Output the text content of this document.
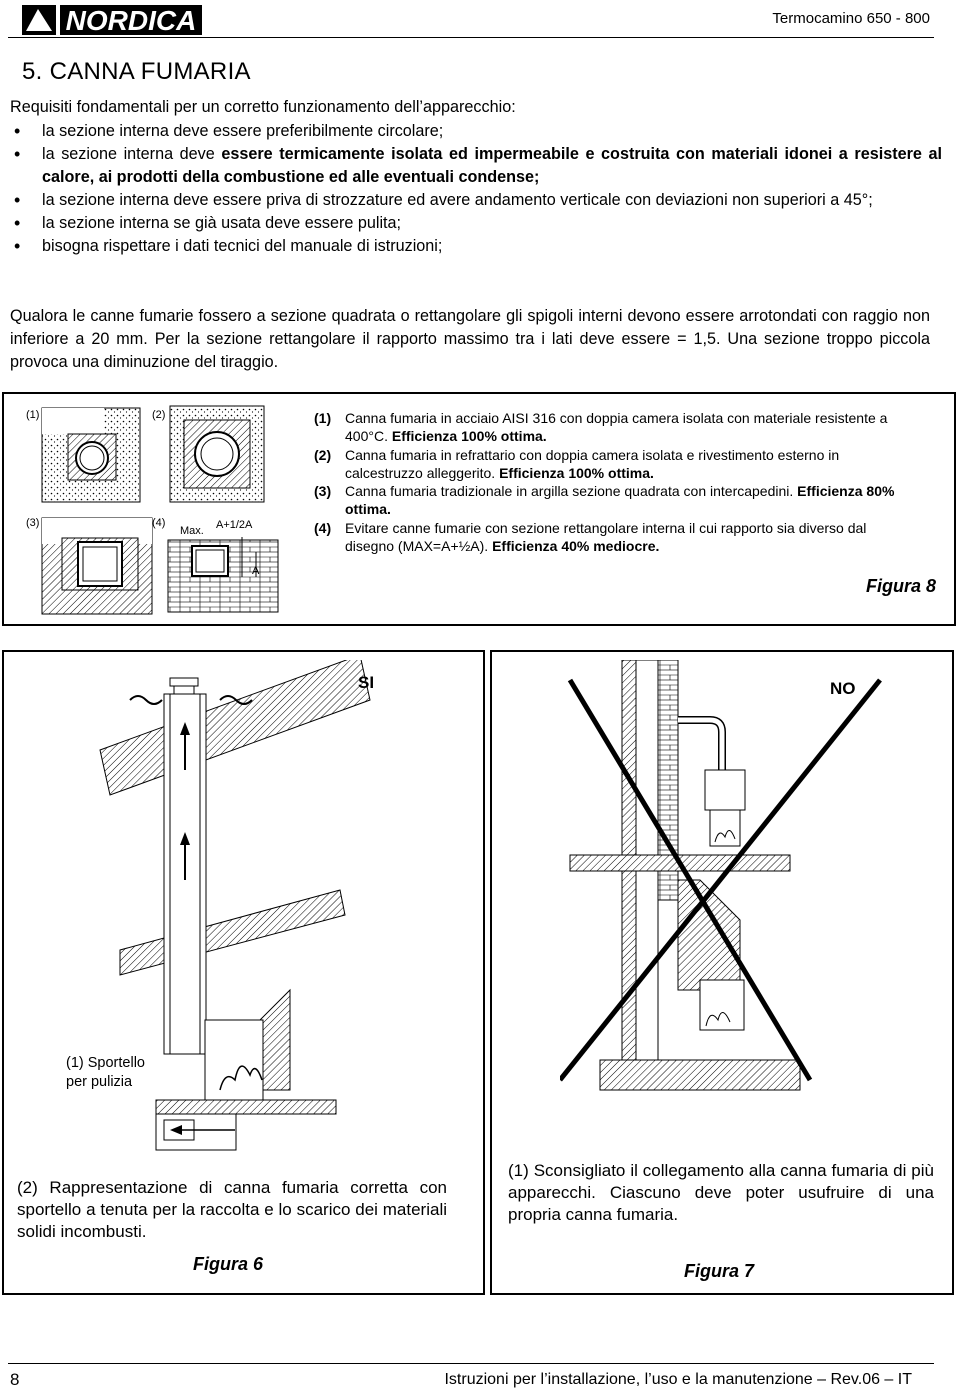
NORDICA	Termocamino 650 - 800
5. CANNA FUMARIA
Requisiti fondamentali per un corretto funzionamento dell’apparecchio:
• la sezione interna deve essere preferibilmente circolare;
• la sezione interna deve essere termicamente isolata ed impermeabile e costruita con materiali idonei a resistere al calore, ai prodotti della combustione ed alle eventuali condense;
• la sezione interna deve essere priva di strozzature ed avere andamento verticale con deviazioni non superiori a 45°;
• la sezione interna se già usata deve essere pulita;
• bisogna rispettare i dati tecnici del manuale di istruzioni;
Qualora le canne fumarie fossero a sezione quadrata o rettangolare gli spigoli interni devono essere arrotondati con raggio non inferiore a 20 mm. Per la sezione rettangolare il rapporto massimo tra i lati deve essere = 1,5. Una sezione troppo piccola provoca una diminuzione del tiraggio.
(1)	(2)
(3)	(4)
Max. A+1/2A
A
(1) Canna fumaria in acciaio AISI 316 con doppia camera isolata con materiale resistente a 400°C. Efficienza 100% ottima.
(2) Canna fumaria in refrattario con doppia camera isolata e rivestimento esterno in calcestruzzo alleggerito. Efficienza 100% ottima.
(3) Canna fumaria tradizionale in argilla sezione quadrata con intercapedini. Efficienza 80% ottima.
(4) Evitare canne fumarie con sezione rettangolare interna il cui rapporto sia diverso dal disegno (MAX=A+½A). Efficienza 40% mediocre.
Figura 8
SI
(1) Sportello per pulizia
(2) Rappresentazione di canna fumaria corretta con sportello a tenuta per la raccolta e lo scarico dei materiali solidi incombusti.
Figura 6
NO
(1) Sconsigliato il collegamento alla canna fumaria di più apparecchi. Ciascuno deve poter usufruire di una propria canna fumaria.
Figura 7
8	Istruzioni per l’installazione, l’uso e la manutenzione – Rev.06 – IT
